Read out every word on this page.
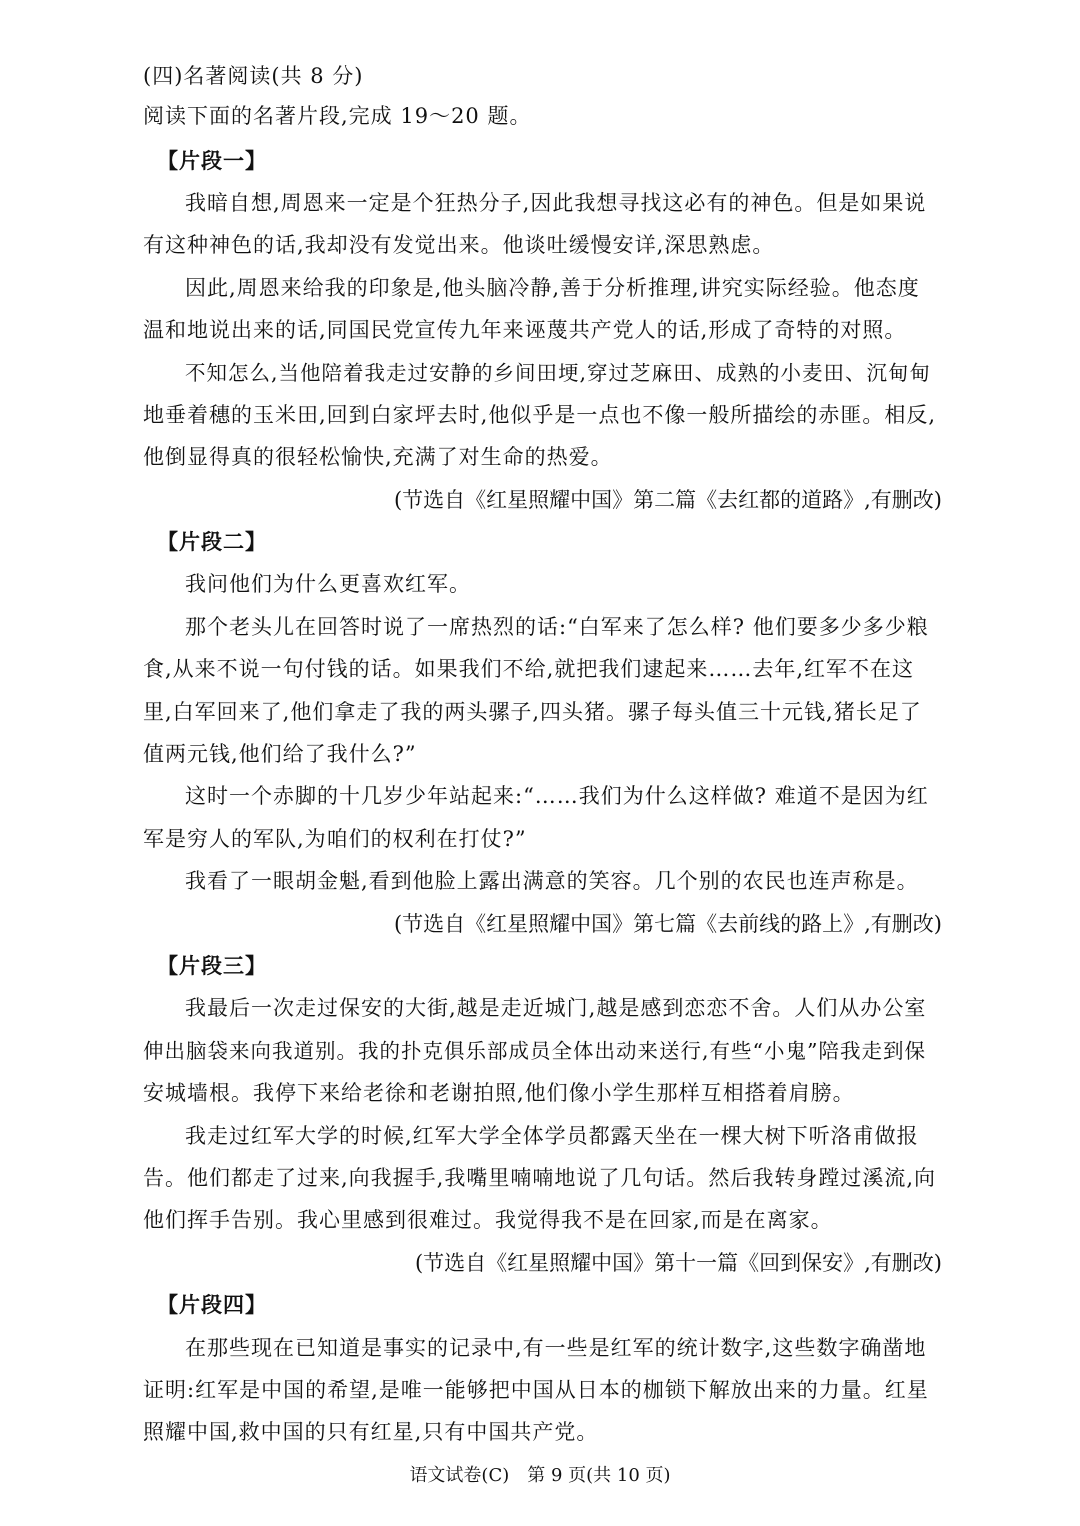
(四)名著阅读(共 8 分)
阅读下面的名著片段,完成 19～20 题。
【片段一】
我暗自想,周恩来一定是个狂热分子,因此我想寻找这必有的神色。但是如果说
有这种神色的话,我却没有发觉出来。他谈吐缓慢安详,深思熟虑。
因此,周恩来给我的印象是,他头脑冷静,善于分析推理,讲究实际经验。他态度
温和地说出来的话,同国民党宣传九年来诬蔑共产党人的话,形成了奇特的对照。
不知怎么,当他陪着我走过安静的乡间田埂,穿过芝麻田、成熟的小麦田、沉甸甸
地垂着穗的玉米田,回到白家坪去时,他似乎是一点也不像一般所描绘的赤匪。相反,
他倒显得真的很轻松愉快,充满了对生命的热爱。
(节选自《红星照耀中国》第二篇《去红都的道路》,有删改)
【片段二】
我问他们为什么更喜欢红军。
那个老头儿在回答时说了一席热烈的话:“白军来了怎么样? 他们要多少多少粮
食,从来不说一句付钱的话。如果我们不给,就把我们逮起来……去年,红军不在这
里,白军回来了,他们拿走了我的两头骡子,四头猪。骡子每头值三十元钱,猪长足了
值两元钱,他们给了我什么?”
这时一个赤脚的十几岁少年站起来:“……我们为什么这样做? 难道不是因为红
军是穷人的军队,为咱们的权利在打仗?”
我看了一眼胡金魁,看到他脸上露出满意的笑容。几个别的农民也连声称是。
(节选自《红星照耀中国》第七篇《去前线的路上》,有删改)
【片段三】
我最后一次走过保安的大街,越是走近城门,越是感到恋恋不舍。人们从办公室
伸出脑袋来向我道别。我的扑克俱乐部成员全体出动来送行,有些“小鬼”陪我走到保
安城墙根。我停下来给老徐和老谢拍照,他们像小学生那样互相搭着肩膀。
我走过红军大学的时候,红军大学全体学员都露天坐在一棵大树下听洛甫做报
告。他们都走了过来,向我握手,我嘴里喃喃地说了几句话。然后我转身蹚过溪流,向
他们挥手告别。我心里感到很难过。我觉得我不是在回家,而是在离家。
(节选自《红星照耀中国》第十一篇《回到保安》,有删改)
【片段四】
在那些现在已知道是事实的记录中,有一些是红军的统计数字,这些数字确凿地
证明:红军是中国的希望,是唯一能够把中国从日本的枷锁下解放出来的力量。红星
照耀中国,救中国的只有红星,只有中国共产党。
语文试卷(C)　第 9 页(共 10 页)
